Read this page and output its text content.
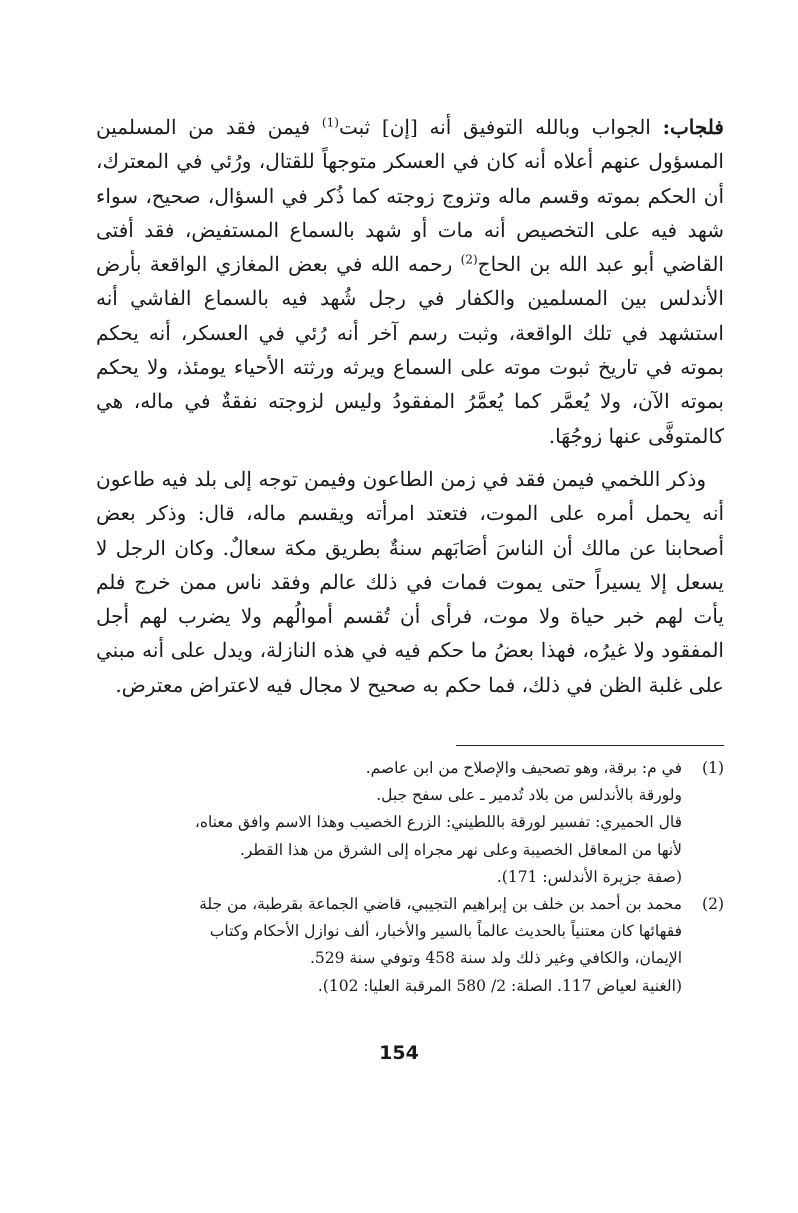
فلجاب: الجواب وبالله التوفيق أنه [إن] ثبت$^{(1)}$ فيمن فقد من المسلمين المسؤول عنهم أعلاه أنه كان في العسكر متوجهاً للقتال، ورُئي في المعترك، أن الحكم بموته وقسم ماله وتزوج زوجته كما ذُكر في السؤال، صحيح، سواء شهد فيه على التخصيص أنه مات أو شهد بالسماع المستفيض، فقد أفتى القاضي أبو عبد الله بن الحاج$^{(2)}$ رحمه الله في بعض المغازي الواقعة بأرض الأندلس بين المسلمين والكفار في رجل شُهد فيه بالسماع الفاشي أنه استشهد في تلك الواقعة، وثبت رسم آخر أنه رُئي في العسكر، أنه يحكم بموته في تاريخ ثبوت موته على السماع ويرثه ورثته الأحياء يومئذ، ولا يحكم بموته الآن، ولا يُعمَّر كما يُعمَّرُ المفقودُ وليس لزوجته نفقةٌ في ماله، هي كالمتوفَّى عنها زوجُهَا.

وذكر اللخمي فيمن فقد في زمن الطاعون وفيمن توجه إلى بلد فيه طاعون أنه يحمل أمره على الموت، فتعتد امرأته ويقسم ماله، قال: وذكر بعض أصحابنا عن مالك أن الناسَ أصَابَهم سنةٌ بطريق مكة سعالٌ. وكان الرجل لا يسعل إلا يسيراً حتى يموت فمات في ذلك عالم وفقد ناس ممن خرج فلم يأت لهم خبر حياة ولا موت، فرأى أن تُقسم أموالُهم ولا يضرب لهم أجل المفقود ولا غيرُه، فهذا بعضُ ما حكم فيه في هذه النازلة، ويدل على أنه مبني على غلبة الظن في ذلك، فما حكم به صحيح لا مجال فيه لاعتراض معترض.

(1)
في م: برقة، وهو تصحيف والإصلاح من ابن عاصم.
ولورقة بالأندلس من بلاد تُدمير ـ على سفح جبل.
قال الحميري: تفسير لورقة باللطيني: الزرع الخصيب وهذا الاسم وافق معناه،
لأنها من المعاقل الخصيبة وعلى نهر مجراه إلى الشرق من هذا القطر.
(صفة جزيرة الأندلس: 171).
(2)
محمد بن أحمد بن خلف بن إبراهيم التجيبي، قاضي الجماعة بقرطبة، من جلة
فقهائها كان معتنياً بالحديث عالماً بالسير والأخبار، ألف نوازل الأحكام وكتاب
الإيمان، والكافي وغير ذلك ولد سنة 458 وتوفي سنة 529.
(الغنية لعياض 117. الصلة: 2/ 580 المرقبة العليا: 102).
154
